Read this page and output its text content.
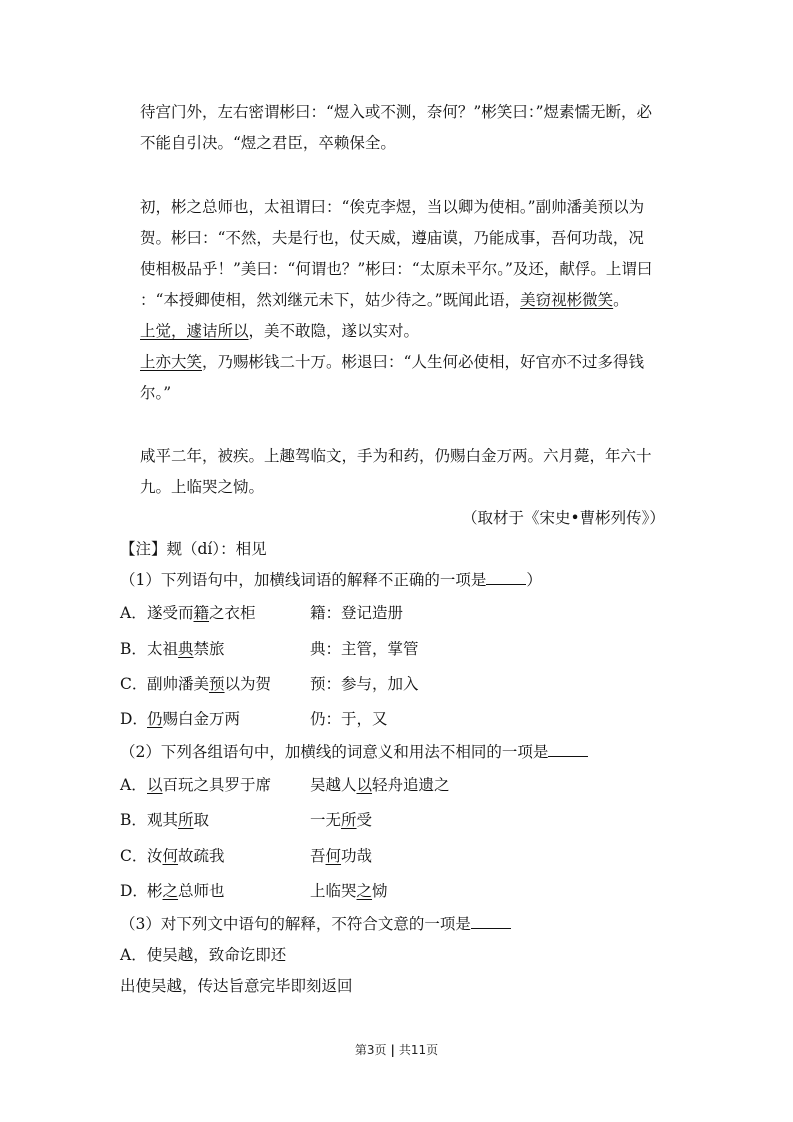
待宫门外，左右密谓彬曰：“煜入或不测，奈何？”彬笑曰：”煜素懦无断，必
不能自引决。“煜之君臣，卒赖保全。
初，彬之总师也，太祖谓曰：“俟克李煜，当以卿为使相。”副帅潘美预以为
贺。彬曰：“不然，夫是行也，仗天威，遵庙谟，乃能成事，吾何功哉，况
使相极品乎！”美曰：“何谓也？”彬曰：“太原未平尔。”及还，献俘。上谓曰
：“本授卿使相，然刘继元未下，姑少待之。”既闻此语，美窃视彬微笑。
上觉，遽诘所以，美不敢隐，遂以实对。
上亦大笑，乃赐彬钱二十万。彬退曰：“人生何必使相，好官亦不过多得钱
尔。”
咸平二年，被疾。上趣驾临文，手为和药，仍赐白金万两。六月薨，年六十
九。上临哭之恸。
（取材于《宋史•曹彬列传》）
【注】觌（dí）：相见
（1）下列语句中，加横线词语的解释不正确的一项是	）
A． 遂受而籍之衣柜	籍：登记造册
B． 太祖典禁旅	典：主管，掌管
C． 副帅潘美预以为贺	预：参与，加入
D． 仍赐白金万两	仍：于，又
（2）下列各组语句中，加横线的词意义和用法不相同的一项是
A． 以百玩之具罗于席	吴越人以轻舟追遗之
B． 观其所取	一无所受
C． 汝何故疏我	吾何功哉
D． 彬之总师也	上临哭之恸
（3）对下列文中语句的解释，不符合文意的一项是
A．使吴越，致命讫即还
出使吴越，传达旨意完毕即刻返回
第3页 | 共11页
